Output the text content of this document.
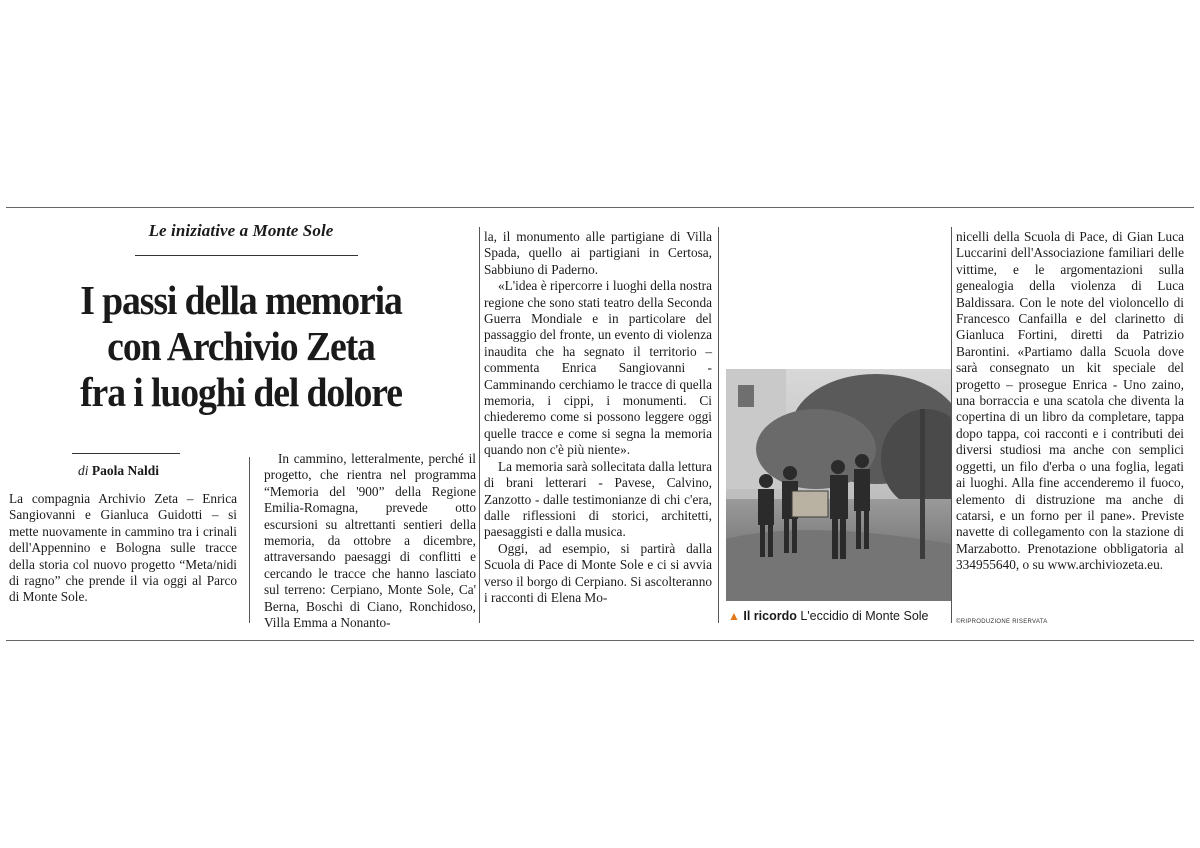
Le iniziative a Monte Sole
I passi della memoria
con Archivio Zeta
fra i luoghi del dolore
di Paola Naldi

La compagnia Archivio Zeta – Enrica Sangiovanni e Gianluca Guidotti – si mette nuovamente in cammino tra i crinali dell'Appennino e Bologna sulle tracce della storia col nuovo progetto “Meta/nidi di ragno” che prende il via oggi al Parco di Monte Sole.

In cammino, letteralmente, perché il progetto, che rientra nel programma “Memoria del '900” della Regione Emilia-Romagna, prevede otto escursioni su altrettanti sentieri della memoria, da ottobre a dicembre, attraversando paesaggi di conflitti e cercando le tracce che hanno lasciato sul terreno: Cerpiano, Monte Sole, Ca' Berna, Boschi di Ciano, Ronchidoso, Villa Emma a Nonanto-

la, il monumento alle partigiane di Villa Spada, quello ai partigiani in Certosa, Sabbiuno di Paderno.

«L'idea è ripercorre i luoghi della nostra regione che sono stati teatro della Seconda Guerra Mondiale e in particolare del passaggio del fronte, un evento di violenza inaudita che ha segnato il territorio – commenta Enrica Sangiovanni - Camminando cerchiamo le tracce di quella memoria, i cippi, i monumenti. Ci chiederemo come si possono leggere oggi quelle tracce e come si segna la memoria quando non c'è più niente».

La memoria sarà sollecitata dalla lettura di brani letterari - Pavese, Calvino, Zanzotto - dalle testimonianze di chi c'era, dalle riflessioni di storici, architetti, paesaggisti e dalla musica.

Oggi, ad esempio, si partirà dalla Scuola di Pace di Monte Sole e ci si avvia verso il borgo di Cerpiano. Si ascolteranno i racconti di Elena Mo-

▲ Il ricordo L'eccidio di Monte Sole

nicelli della Scuola di Pace, di Gian Luca Luccarini dell'Associazione familiari delle vittime, e le argomentazioni sulla genealogia della violenza di Luca Baldissara. Con le note del violoncello di Francesco Canfailla e del clarinetto di Gianluca Fortini, diretti da Patrizio Barontini. «Partiamo dalla Scuola dove sarà consegnato un kit speciale del progetto – prosegue Enrica - Uno zaino, una borraccia e una scatola che diventa la copertina di un libro da completare, tappa dopo tappa, coi racconti e i contributi dei diversi studiosi ma anche con semplici oggetti, un filo d'erba o una foglia, legati ai luoghi. Alla fine accenderemo il fuoco, elemento di distruzione ma anche di catarsi, e un forno per il pane». Previste navette di collegamento con la stazione di Marzabotto. Prenotazione obbligatoria al 334955640, o su www.archiviozeta.eu.

©RIPRODUZIONE RISERVATA
